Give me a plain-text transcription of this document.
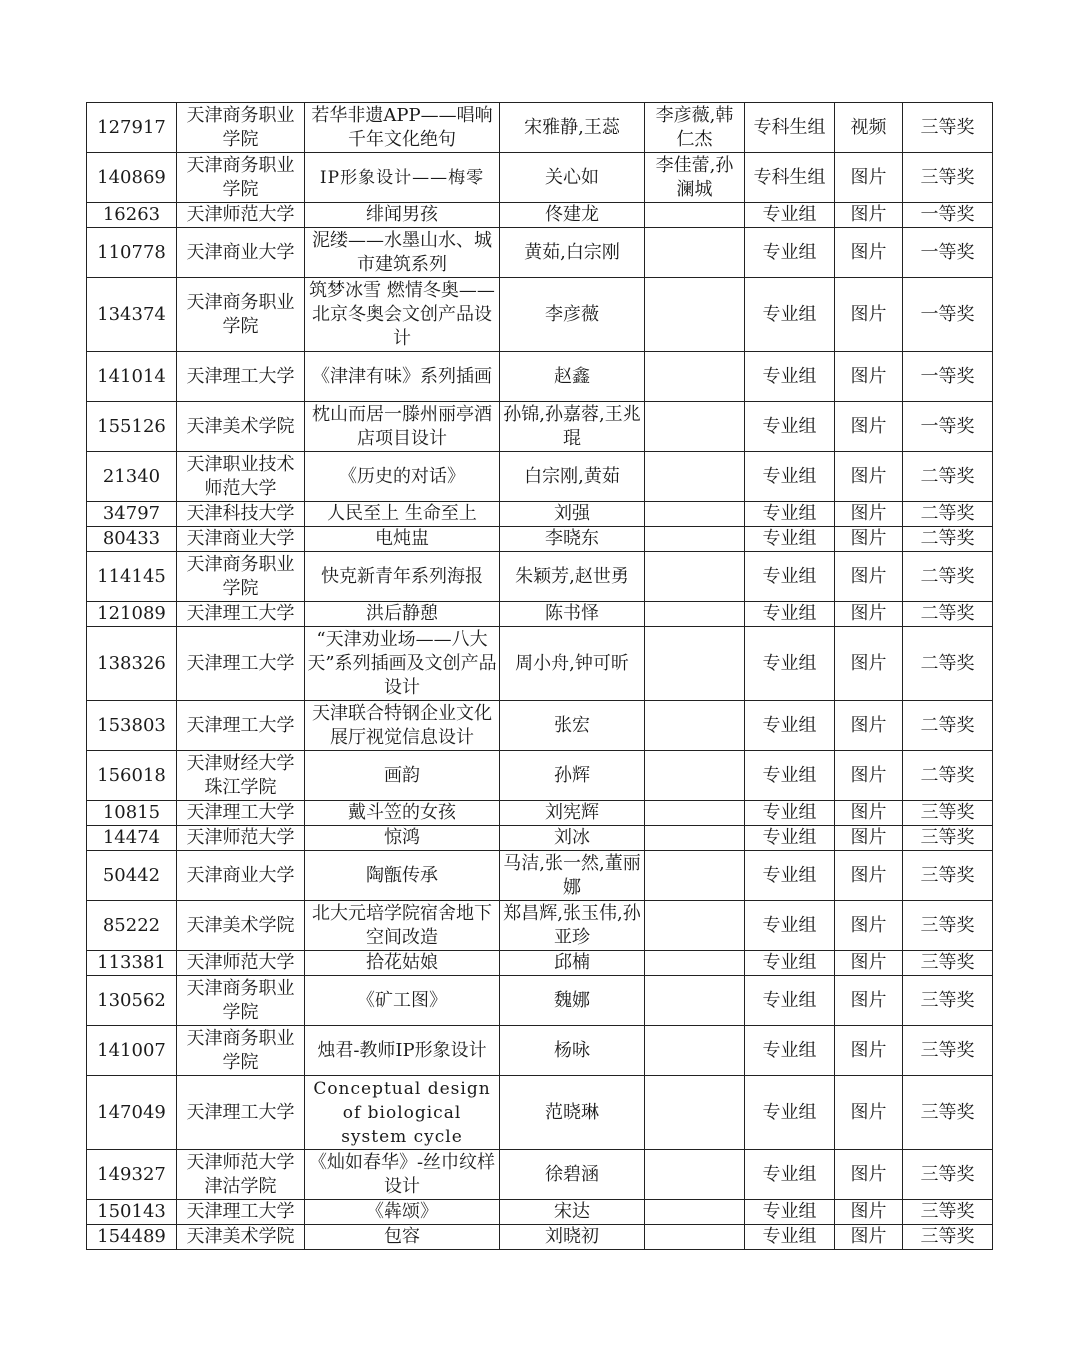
127917	天津商务职业学院	若华非遗APP——唱响千年文化绝句	宋雅静,王蕊	李彦薇,韩仁杰	专科生组	视频	三等奖
140869	天津商务职业学院	IP形象设计——梅零	关心如	李佳蕾,孙澜城	专科生组	图片	三等奖
16263	天津师范大学	绯闻男孩	佟建龙		专业组	图片	一等奖
110778	天津商业大学	泥缕——水墨山水、城市建筑系列	黄茹,白宗刚		专业组	图片	一等奖
134374	天津商务职业学院	筑梦冰雪 燃情冬奥——北京冬奥会文创产品设计	李彦薇		专业组	图片	一等奖
141014	天津理工大学	《津津有味》系列插画	赵鑫		专业组	图片	一等奖
155126	天津美术学院	枕山而居一滕州丽亭酒店项目设计	孙锦,孙嘉蓉,王兆琨		专业组	图片	一等奖
21340	天津职业技术师范大学	《历史的对话》	白宗刚,黄茹		专业组	图片	二等奖
34797	天津科技大学	人民至上 生命至上	刘强		专业组	图片	二等奖
80433	天津商业大学	电炖盅	李晓东		专业组	图片	二等奖
114145	天津商务职业学院	快克新青年系列海报	朱颖芳,赵世勇		专业组	图片	二等奖
121089	天津理工大学	洪后静憩	陈书怿		专业组	图片	二等奖
138326	天津理工大学	“天津劝业场——八大天”系列插画及文创产品设计	周小舟,钟可昕		专业组	图片	二等奖
153803	天津理工大学	天津联合特钢企业文化展厅视觉信息设计	张宏		专业组	图片	二等奖
156018	天津财经大学珠江学院	画韵	孙辉		专业组	图片	二等奖
10815	天津理工大学	戴斗笠的女孩	刘宪辉		专业组	图片	三等奖
14474	天津师范大学	惊鸿	刘冰		专业组	图片	三等奖
50442	天津商业大学	陶甑传承	马洁,张一然,董丽娜		专业组	图片	三等奖
85222	天津美术学院	北大元培学院宿舍地下空间改造	郑昌辉,张玉伟,孙亚珍		专业组	图片	三等奖
113381	天津师范大学	拾花姑娘	邱楠		专业组	图片	三等奖
130562	天津商务职业学院	《矿工图》	魏娜		专业组	图片	三等奖
141007	天津商务职业学院	烛君-教师IP形象设计	杨咏		专业组	图片	三等奖
147049	天津理工大学	Conceptual design of biological system cycle	范晓琳		专业组	图片	三等奖
149327	天津师范大学津沽学院	《灿如春华》-丝巾纹样设计	徐碧涵		专业组	图片	三等奖
150143	天津理工大学	《犇颂》	宋达		专业组	图片	三等奖
154489	天津美术学院	包容	刘晓初		专业组	图片	三等奖
